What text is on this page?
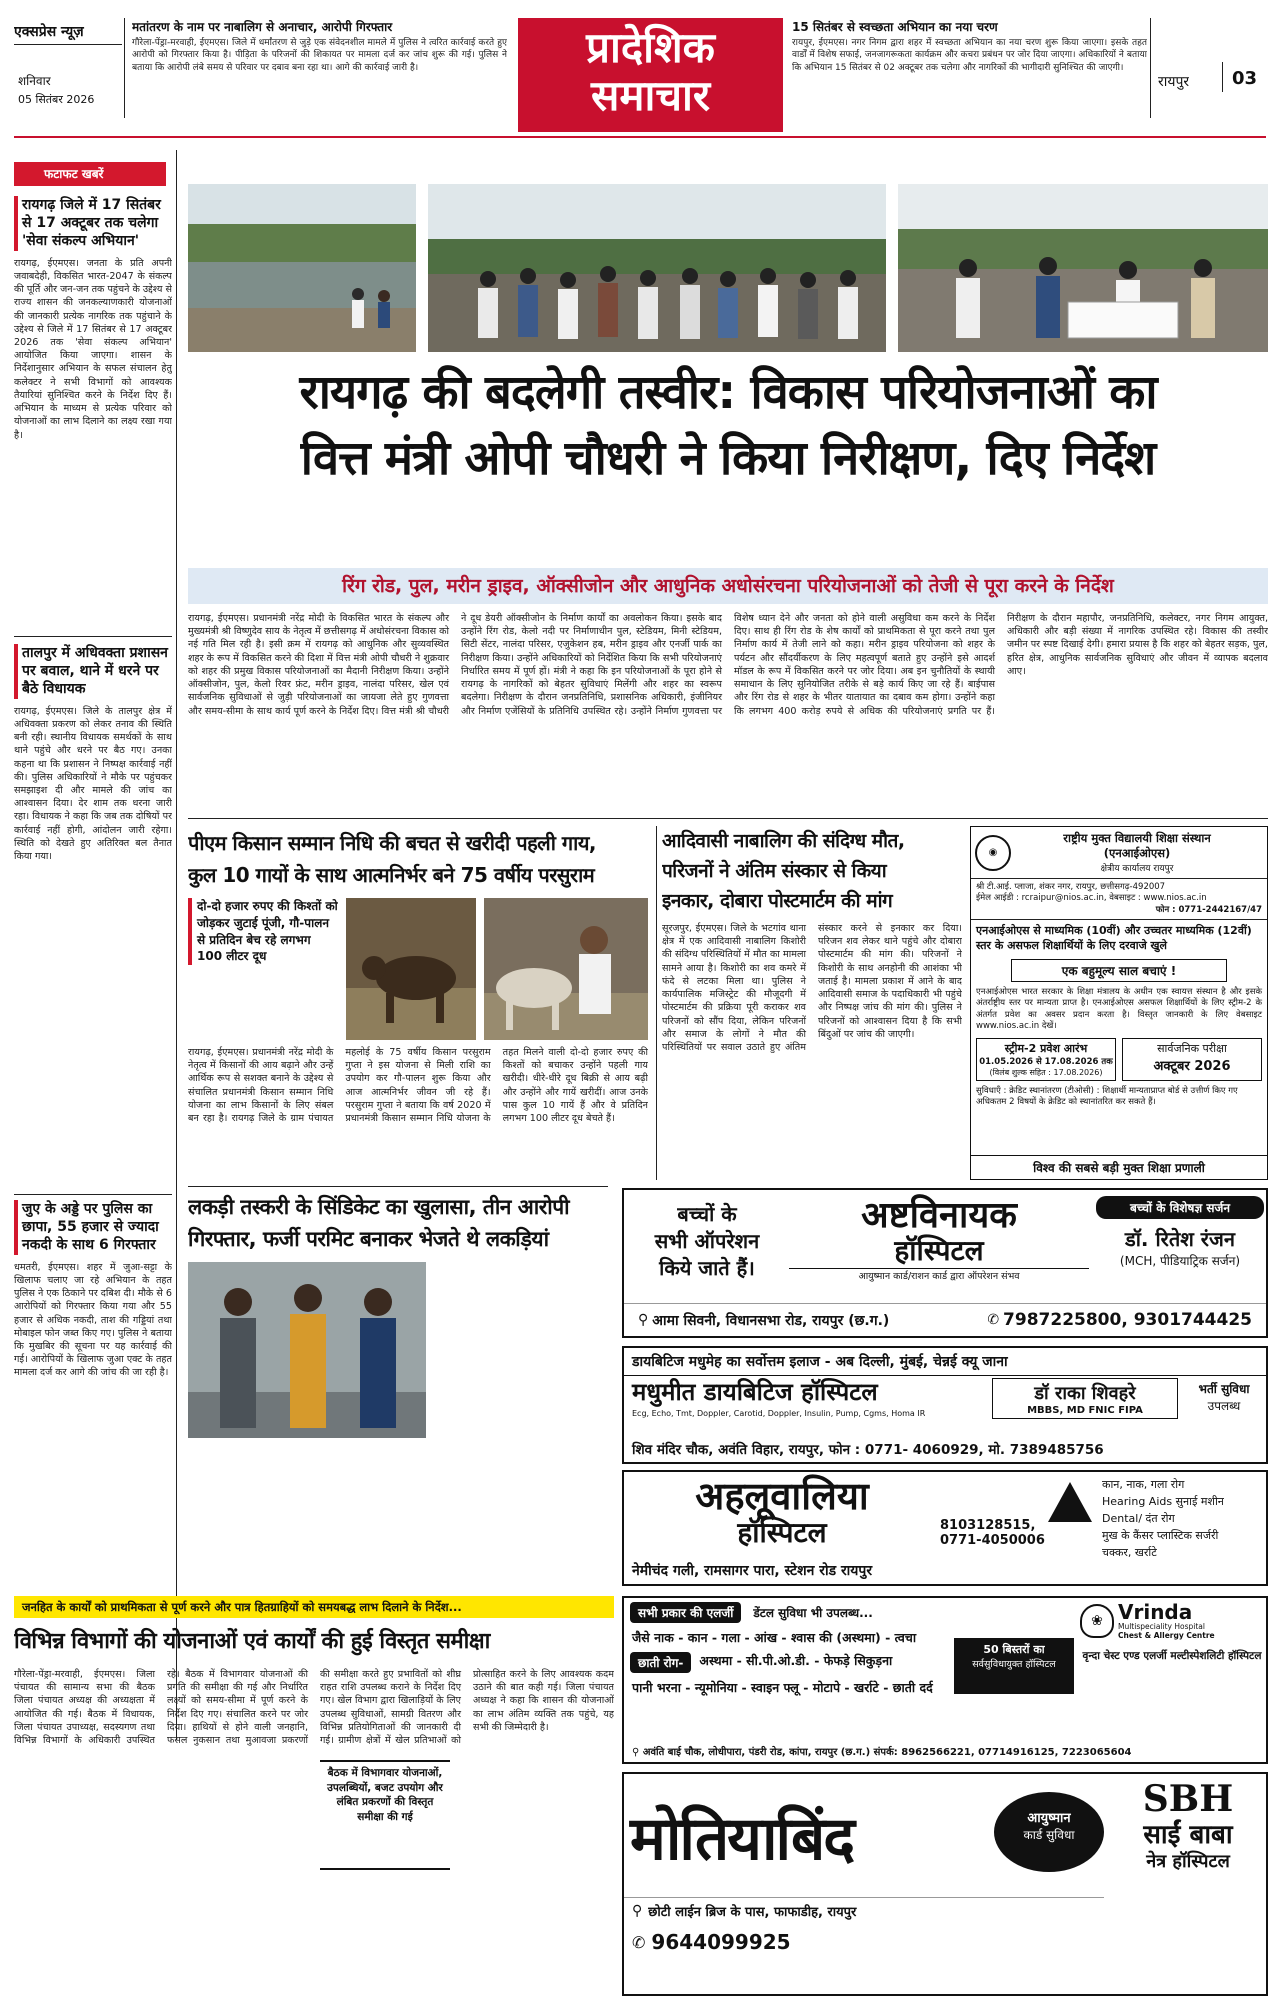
एक्सप्रेस न्यूज़
शनिवार
05 सितंबर 2026
मतांतरण के नाम पर नाबालिग से अनाचार, आरोपी गिरफ्तार
गौरेला-पेंड्रा-मरवाही, ईएमएस। जिले में धर्मांतरण से जुड़े एक संवेदनशील मामले में पुलिस ने त्वरित कार्रवाई करते हुए आरोपी को गिरफ्तार किया है। पीड़िता के परिजनों की शिकायत पर मामला दर्ज कर जांच शुरू की गई। पुलिस ने बताया कि आरोपी लंबे समय से परिवार पर दबाव बना रहा था। आगे की कार्रवाई जारी है।	प्रादेशिक
समाचार
15 सितंबर से स्वच्छता अभियान का नया चरण
रायपुर, ईएमएस। नगर निगम द्वारा शहर में स्वच्छता अभियान का नया चरण शुरू किया जाएगा। इसके तहत वार्डों में विशेष सफाई, जनजागरूकता कार्यक्रम और कचरा प्रबंधन पर जोर दिया जाएगा। अधिकारियों ने बताया कि अभियान 15 सितंबर से 02 अक्टूबर तक चलेगा और नागरिकों की भागीदारी सुनिश्चित की जाएगी।
रायपुर 03
फटाफट खबरें
रायगढ़ जिले में 17 सितंबर से 17 अक्टूबर तक चलेगा 'सेवा संकल्प अभियान'
रायगढ़, ईएमएस। जनता के प्रति अपनी जवाबदेही, विकसित भारत-2047 के संकल्प की पूर्ति और जन-जन तक पहुंचने के उद्देश्य से राज्य शासन की जनकल्याणकारी योजनाओं की जानकारी प्रत्येक नागरिक तक पहुंचाने के उद्देश्य से जिले में 17 सितंबर से 17 अक्टूबर 2026 तक 'सेवा संकल्प अभियान' आयोजित किया जाएगा। शासन के निर्देशानुसार अभियान के सफल संचालन हेतु कलेक्टर ने सभी विभागों को आवश्यक तैयारियां सुनिश्चित करने के निर्देश दिए हैं। अभियान के माध्यम से प्रत्येक परिवार को योजनाओं का लाभ दिलाने का लक्ष्य रखा गया है।
तालपुर में अधिवक्ता प्रशासन पर बवाल, थाने में धरने पर बैठे विधायक
रायगढ़, ईएमएस। जिले के तालपुर क्षेत्र में अधिवक्ता प्रकरण को लेकर तनाव की स्थिति बनी रही। स्थानीय विधायक समर्थकों के साथ थाने पहुंचे और धरने पर बैठ गए। उनका कहना था कि प्रशासन ने निष्पक्ष कार्रवाई नहीं की। पुलिस अधिकारियों ने मौके पर पहुंचकर समझाइश दी और मामले की जांच का आश्वासन दिया। देर शाम तक धरना जारी रहा। विधायक ने कहा कि जब तक दोषियों पर कार्रवाई नहीं होगी, आंदोलन जारी रहेगा। स्थिति को देखते हुए अतिरिक्त बल तैनात किया गया।
जुए के अड्डे पर पुलिस का छापा, 55 हजार से ज्यादा नकदी के साथ 6 गिरफ्तार
धमतरी, ईएमएस। शहर में जुआ-सट्टा के खिलाफ चलाए जा रहे अभियान के तहत पुलिस ने एक ठिकाने पर दबिश दी। मौके से 6 आरोपियों को गिरफ्तार किया गया और 55 हजार से अधिक नकदी, ताश की गड्डियां तथा मोबाइल फोन जब्त किए गए। पुलिस ने बताया कि मुखबिर की सूचना पर यह कार्रवाई की गई। आरोपियों के खिलाफ जुआ एक्ट के तहत मामला दर्ज कर आगे की जांच की जा रही है।
रायगढ़ की बदलेगी तस्वीर: विकास परियोजनाओं का
वित्त मंत्री ओपी चौधरी ने किया निरीक्षण, दिए निर्देश
रिंग रोड, पुल, मरीन ड्राइव, ऑक्सीजोन और आधुनिक अधोसंरचना परियोजनाओं को तेजी से पूरा करने के निर्देश
रायगढ़, ईएमएस। प्रधानमंत्री नरेंद्र मोदी के विकसित भारत के संकल्प और मुख्यमंत्री श्री विष्णुदेव साय के नेतृत्व में छत्तीसगढ़ में अधोसंरचना विकास को नई गति मिल रही है। इसी क्रम में रायगढ़ को आधुनिक और सुव्यवस्थित शहर के रूप में विकसित करने की दिशा में वित्त मंत्री ओपी चौधरी ने शुक्रवार को शहर की प्रमुख विकास परियोजनाओं का मैदानी निरीक्षण किया। उन्होंने ऑक्सीजोन, पुल, केलो रिवर फ्रंट, मरीन ड्राइव, नालंदा परिसर, खेल एवं सार्वजनिक सुविधाओं से जुड़ी परियोजनाओं का जायजा लेते हुए गुणवत्ता और समय-सीमा के साथ कार्य पूर्ण करने के निर्देश दिए। वित्त मंत्री श्री चौधरी ने दूध डेयरी ऑक्सीजोन के निर्माण कार्यों का अवलोकन किया। इसके बाद उन्होंने रिंग रोड, केलो नदी पर निर्माणाधीन पुल, स्टेडियम, मिनी स्टेडियम, सिटी सेंटर, नालंदा परिसर, एजुकेशन हब, मरीन ड्राइव और एनर्जी पार्क का निरीक्षण किया। उन्होंने अधिकारियों को निर्देशित किया कि सभी परियोजनाएं निर्धारित समय में पूर्ण हों। मंत्री ने कहा कि इन परियोजनाओं के पूरा होने से रायगढ़ के नागरिकों को बेहतर सुविधाएं मिलेंगी और शहर का स्वरूप बदलेगा। निरीक्षण के दौरान जनप्रतिनिधि, प्रशासनिक अधिकारी, इंजीनियर और निर्माण एजेंसियों के प्रतिनिधि उपस्थित रहे। उन्होंने निर्माण गुणवत्ता पर विशेष ध्यान देने और जनता को होने वाली असुविधा कम करने के निर्देश दिए। साथ ही रिंग रोड के शेष कार्यों को प्राथमिकता से पूरा करने तथा पुल निर्माण कार्य में तेजी लाने को कहा। मरीन ड्राइव परियोजना को शहर के पर्यटन और सौंदर्यीकरण के लिए महत्वपूर्ण बताते हुए उन्होंने इसे आदर्श मॉडल के रूप में विकसित करने पर जोर दिया। अब इन चुनौतियों के स्थायी समाधान के लिए सुनियोजित तरीके से बड़े कार्य किए जा रहे हैं। बाईपास और रिंग रोड से शहर के भीतर यातायात का दबाव कम होगा। उन्होंने कहा कि लगभग 400 करोड़ रुपये से अधिक की परियोजनाएं प्रगति पर हैं। निरीक्षण के दौरान महापौर, जनप्रतिनिधि, कलेक्टर, नगर निगम आयुक्त, अधिकारी और बड़ी संख्या में नागरिक उपस्थित रहे। विकास की तस्वीर जमीन पर स्पष्ट दिखाई देगी। हमारा प्रयास है कि शहर को बेहतर सड़क, पुल, हरित क्षेत्र, आधुनिक सार्वजनिक सुविधाएं और जीवन में व्यापक बदलाव आए।
पीएम किसान सम्मान निधि की बचत से खरीदी पहली गाय,
कुल 10 गायों के साथ आत्मनिर्भर बने 75 वर्षीय परसुराम
दो-दो हजार रुपए की किश्तों को जोड़कर जुटाई पूंजी, गौ-पालन से प्रतिदिन बेच रहे लगभग 100 लीटर दूध
रायगढ़, ईएमएस। प्रधानमंत्री नरेंद्र मोदी के नेतृत्व में किसानों की आय बढ़ाने और उन्हें आर्थिक रूप से सशक्त बनाने के उद्देश्य से संचालित प्रधानमंत्री किसान सम्मान निधि योजना का लाभ किसानों के लिए संबल बन रहा है। रायगढ़ जिले के ग्राम पंचायत महलोई के 75 वर्षीय किसान परसुराम गुप्ता ने इस योजना से मिली राशि का उपयोग कर गौ-पालन शुरू किया और आज आत्मनिर्भर जीवन जी रहे हैं। परसुराम गुप्ता ने बताया कि वर्ष 2020 में प्रधानमंत्री किसान सम्मान निधि योजना के तहत मिलने वाली दो-दो हजार रुपए की किश्तों को बचाकर उन्होंने पहली गाय खरीदी। धीरे-धीरे दूध बिक्री से आय बढ़ी और उन्होंने और गायें खरीदीं। आज उनके पास कुल 10 गायें हैं और वे प्रतिदिन लगभग 100 लीटर दूध बेचते हैं।
आदिवासी नाबालिग की संदिग्ध मौत,
परिजनों ने अंतिम संस्कार से किया
इनकार, दोबारा पोस्टमार्टम की मांग
सूरजपुर, ईएमएस। जिले के भटगांव थाना क्षेत्र में एक आदिवासी नाबालिग किशोरी की संदिग्ध परिस्थितियों में मौत का मामला सामने आया है। किशोरी का शव कमरे में फंदे से लटका मिला था। पुलिस ने कार्यपालिक मजिस्ट्रेट की मौजूदगी में पोस्टमार्टम की प्रक्रिया पूरी कराकर शव परिजनों को सौंप दिया, लेकिन परिजनों और समाज के लोगों ने मौत की परिस्थितियों पर सवाल उठाते हुए अंतिम संस्कार करने से इनकार कर दिया। परिजन शव लेकर थाने पहुंचे और दोबारा पोस्टमार्टम की मांग की। परिजनों ने किशोरी के साथ अनहोनी की आशंका भी जताई है। मामला प्रकाश में आने के बाद आदिवासी समाज के पदाधिकारी भी पहुंचे और निष्पक्ष जांच की मांग की। पुलिस ने परिजनों को आश्वासन दिया है कि सभी बिंदुओं पर जांच की जाएगी।
◉
राष्ट्रीय मुक्त विद्यालयी शिक्षा संस्थान
(एनआईओएस)
क्षेत्रीय कार्यालय रायपुर
श्री टी.आई. प्लाजा, शंकर नगर, रायपुर, छत्तीसगढ़-492007
ईमेल आईडी : rcraipur@nios.ac.in, वेबसाइट : www.nios.ac.in
फोन : 0771-2442167/47
एनआईओएस से माध्यमिक (10वीं) और उच्चतर माध्यमिक (12वीं) स्तर के असफल शिक्षार्थियों के लिए दरवाजे खुले
एक बहुमूल्य साल बचाएं !
एनआईओएस भारत सरकार के शिक्षा मंत्रालय के अधीन एक स्वायत्त संस्थान है और इसके अंतर्राष्ट्रीय स्तर पर मान्यता प्राप्त है। एनआईओएस असफल शिक्षार्थियों के लिए स्ट्रीम-2 के अंतर्गत प्रवेश का अवसर प्रदान करता है। विस्तृत जानकारी के लिए वेबसाइट www.nios.ac.in देखें।
स्ट्रीम-2 प्रवेश आरंभ
01.05.2026 से 17.08.2026 तक
(विलंब शुल्क सहित : 17.08.2026)
सार्वजनिक परीक्षा
अक्टूबर 2026
सुविधाएँ : क्रेडिट स्थानांतरण (टीओसी) : शिक्षार्थी मान्यताप्राप्त बोर्ड से उत्तीर्ण किए गए अधिकतम 2 विषयों के क्रेडिट को स्थानांतरित कर सकते हैं।
विश्व की सबसे बड़ी मुक्त शिक्षा प्रणाली
लकड़ी तस्करी के सिंडिकेट का खुलासा, तीन आरोपी
गिरफ्तार, फर्जी परमिट बनाकर भेजते थे लकड़ियां
बच्चों के
सभी ऑपरेशन
किये जाते हैं।
अष्टविनायक
हॉस्पिटल
आयुष्मान कार्ड/राशन कार्ड द्वारा ऑपरेशन संभव
बच्चों के विशेषज्ञ सर्जन
डॉ. रितेश रंजन
(MCH, पीडियाट्रिक सर्जन)
⚲ आमा सिवनी, विधानसभा रोड, रायपुर (छ.ग.)	✆ 7987225800, 9301744425
डायबिटिज मधुमेह का सर्वोत्तम इलाज - अब दिल्ली, मुंबई, चेन्नई क्यू जाना
मधुमीत डायबिटिज हॉस्पिटल
Ecg, Echo, Tmt, Doppler, Carotid, Doppler, Insulin, Pump, Cgms, Homa IR
डॉ राका शिवहरे
MBBS, MD FNIC FIPA
भर्ती सुविधा
उपलब्ध
शिव मंदिर चौक, अवंति विहार, रायपुर, फोन : 0771- 4060929, मो. 7389485756
अहलूवालिया
हॉस्पिटल	8103128515,
0771-4050006
कान, नाक, गला रोग
Hearing Aids सुनाई मशीन
Dental/ दंत रोग
मुख के कैंसर प्लास्टिक सर्जरी
चक्कर, खर्राटे
नेमीचंद गली, रामसागर पारा, स्टेशन रोड रायपुर
जनहित के कार्यों को प्राथमिकता से पूर्ण करने और पात्र हितग्राहियों को समयबद्ध लाभ दिलाने के निर्देश...
विभिन्न विभागों की योजनाओं एवं कार्यों की हुई विस्तृत समीक्षा
गौरेला-पेंड्रा-मरवाही, ईएमएस। जिला पंचायत की सामान्य सभा की बैठक जिला पंचायत अध्यक्ष की अध्यक्षता में आयोजित की गई। बैठक में विधायक, जिला पंचायत उपाध्यक्ष, सदस्यगण तथा विभिन्न विभागों के अधिकारी उपस्थित रहे। बैठक में विभागवार योजनाओं की प्रगति की समीक्षा की गई और निर्धारित लक्ष्यों को समय-सीमा में पूर्ण करने के निर्देश दिए गए। संचालित करने पर जोर दिया। हाथियों से होने वाली जनहानि, फसल नुकसान तथा मुआवजा प्रकरणों की समीक्षा करते हुए प्रभावितों को शीघ्र राहत राशि उपलब्ध कराने के निर्देश दिए गए। खेल विभाग द्वारा खिलाड़ियों के लिए उपलब्ध सुविधाओं, सामग्री वितरण और विभिन्न प्रतियोगिताओं की जानकारी दी गई। ग्रामीण क्षेत्रों में खेल प्रतिभाओं को प्रोत्साहित करने के लिए आवश्यक कदम उठाने की बात कही गई। जिला पंचायत अध्यक्ष ने कहा कि शासन की योजनाओं का लाभ अंतिम व्यक्ति तक पहुंचे, यह सभी की जिम्मेदारी है।
बैठक में विभागवार योजनाओं, उपलब्धियों, बजट उपयोग और लंबित प्रकरणों की विस्तृत समीक्षा की गई
सभी प्रकार की एलर्जी	डेंटल सुविधा भी उपलब्ध...
जैसे नाक - कान - गला - आंख - श्वास की (अस्थमा) - त्वचा
छाती रोग-	अस्थमा - सी.पी.ओ.डी. - फेफड़े सिकुड़ना
पानी भरना - न्यूमोनिया - स्वाइन फ्लू - मोटापे - खर्राटे - छाती दर्द
❀ Vrinda
Multispeciality Hospital
Chest & Allergy Centre
50 बिस्तरों का
सर्वसुविधायुक्त हॉस्पिटल
वृन्दा चेस्ट एण्ड एलर्जी मल्टीस्पेशलिटी हॉस्पिटल
⚲ अवंति बाई चौक, लोधीपारा, पंडरी रोड, कांपा, रायपुर (छ.ग.) संपर्क: 8962566221, 07714916125, 7223065604
मोतियाबिंद	आयुष्मान
कार्ड सुविधा
SBH
साईं बाबा
नेत्र हॉस्पिटल
⚲ छोटी लाईन ब्रिज के पास, फाफाडीह, रायपुर
✆ 9644099925
